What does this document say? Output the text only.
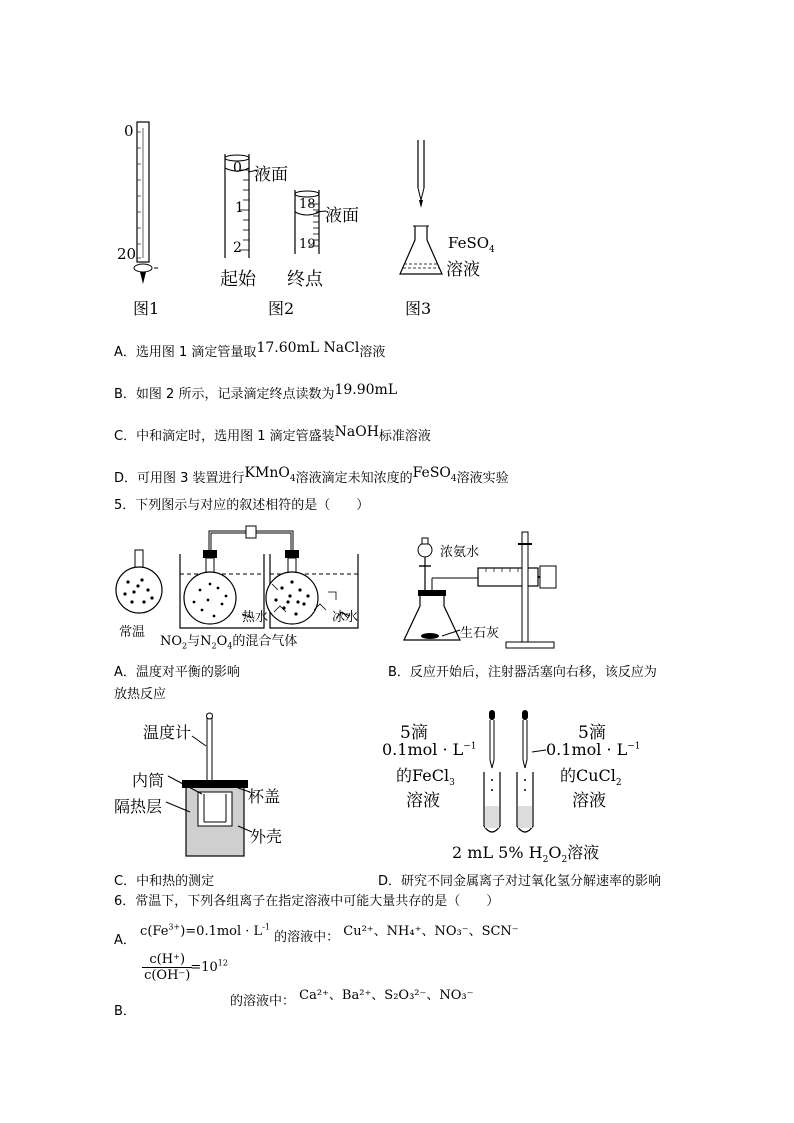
0
20
图1
0
1
2
液面
起始
18
19
液面
终点
图2
FeSO$_4$
溶液
图3
A．选用图 1 滴定管量取17.60mL NaCl溶液
B．如图 2 所示，记录滴定终点读数为19.90mL
C．中和滴定时，选用图 1 滴定管盛装NaOH标准溶液
D．可用图 3 装置进行KMnO$_4$溶液滴定未知浓度的FeSO$_4$溶液实验
5．下列图示与对应的叙述相符的是（　　）
常温
热水	冰水
$NO_2$与$N_2O_4$的混合气体
浓氨水
生石灰
A．温度对平衡的影响	B．反应开始后，注射器活塞向右移，该反应为
放热反应
温度计
内筒
隔热层
杯盖
外壳
5滴
$0.1mol \cdot L^{-1}$
的FeCl$_3$
溶液
5滴
$0.1mol \cdot L^{-1}$
的CuCl$_2$
溶液
2 mL 5% $H_2O_2$溶液
C．中和热的测定	D．研究不同金属离子对过氧化氢分解速率的影响
6．常温下，下列各组离子在指定溶液中可能大量共存的是（　　）
A． $c(Fe^{3+})=0.1mol \cdot L^{-1}$ 的溶液中： Cu²⁺、NH₄⁺、NO₃⁻、SCN⁻
B．
$\frac{c(H^+)}{c(OH^-)}$
$=10^{12}$
的溶液中： Ca²⁺、Ba²⁺、S₂O₃²⁻、NO₃⁻
